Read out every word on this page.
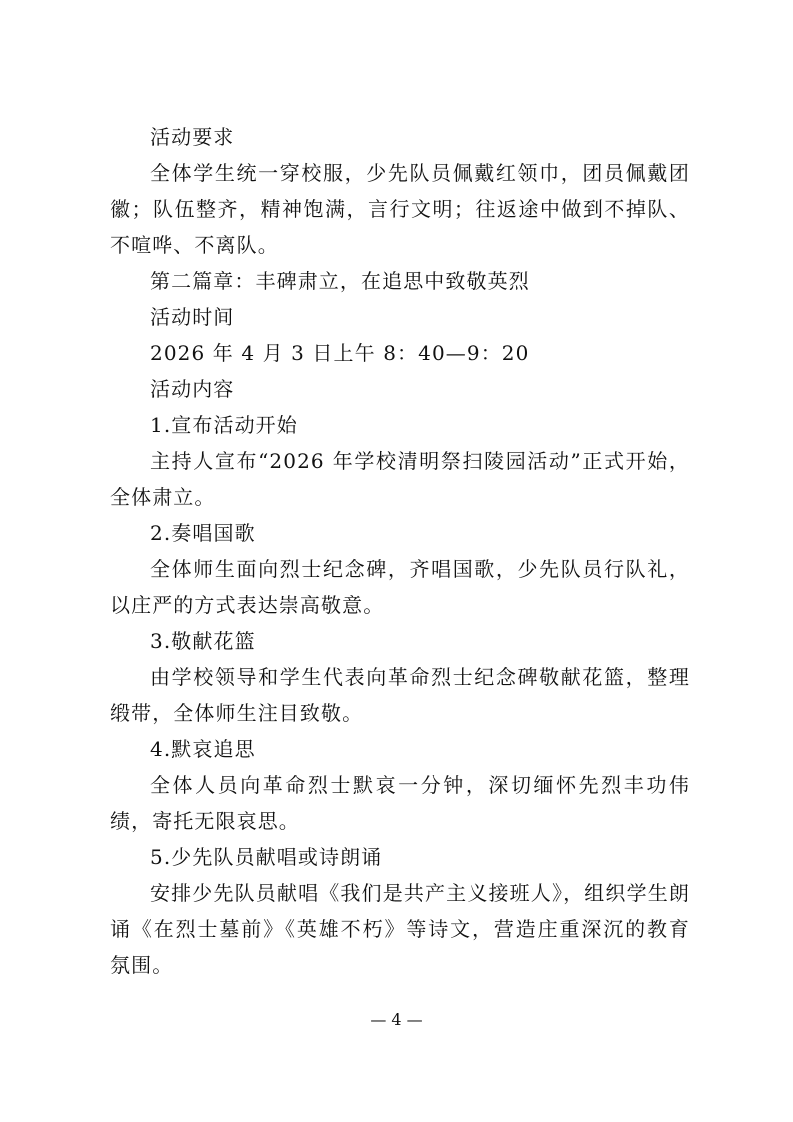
活动要求
全体学生统一穿校服，少先队员佩戴红领巾，团员佩戴团徽；队伍整齐，精神饱满，言行文明；往返途中做到不掉队、不喧哗、不离队。
第二篇章：丰碑肃立，在追思中致敬英烈
活动时间
2026 年 4 月 3 日上午 8：40—9：20
活动内容
1.宣布活动开始
主持人宣布“2026 年学校清明祭扫陵园活动”正式开始，全体肃立。
2.奏唱国歌
全体师生面向烈士纪念碑，齐唱国歌，少先队员行队礼，以庄严的方式表达崇高敬意。
3.敬献花篮
由学校领导和学生代表向革命烈士纪念碑敬献花篮，整理缎带，全体师生注目致敬。
4.默哀追思
全体人员向革命烈士默哀一分钟，深切缅怀先烈丰功伟绩，寄托无限哀思。
5.少先队员献唱或诗朗诵
安排少先队员献唱《我们是共产主义接班人》，组织学生朗诵《在烈士墓前》《英雄不朽》等诗文，营造庄重深沉的教育氛围。
— 4 —
